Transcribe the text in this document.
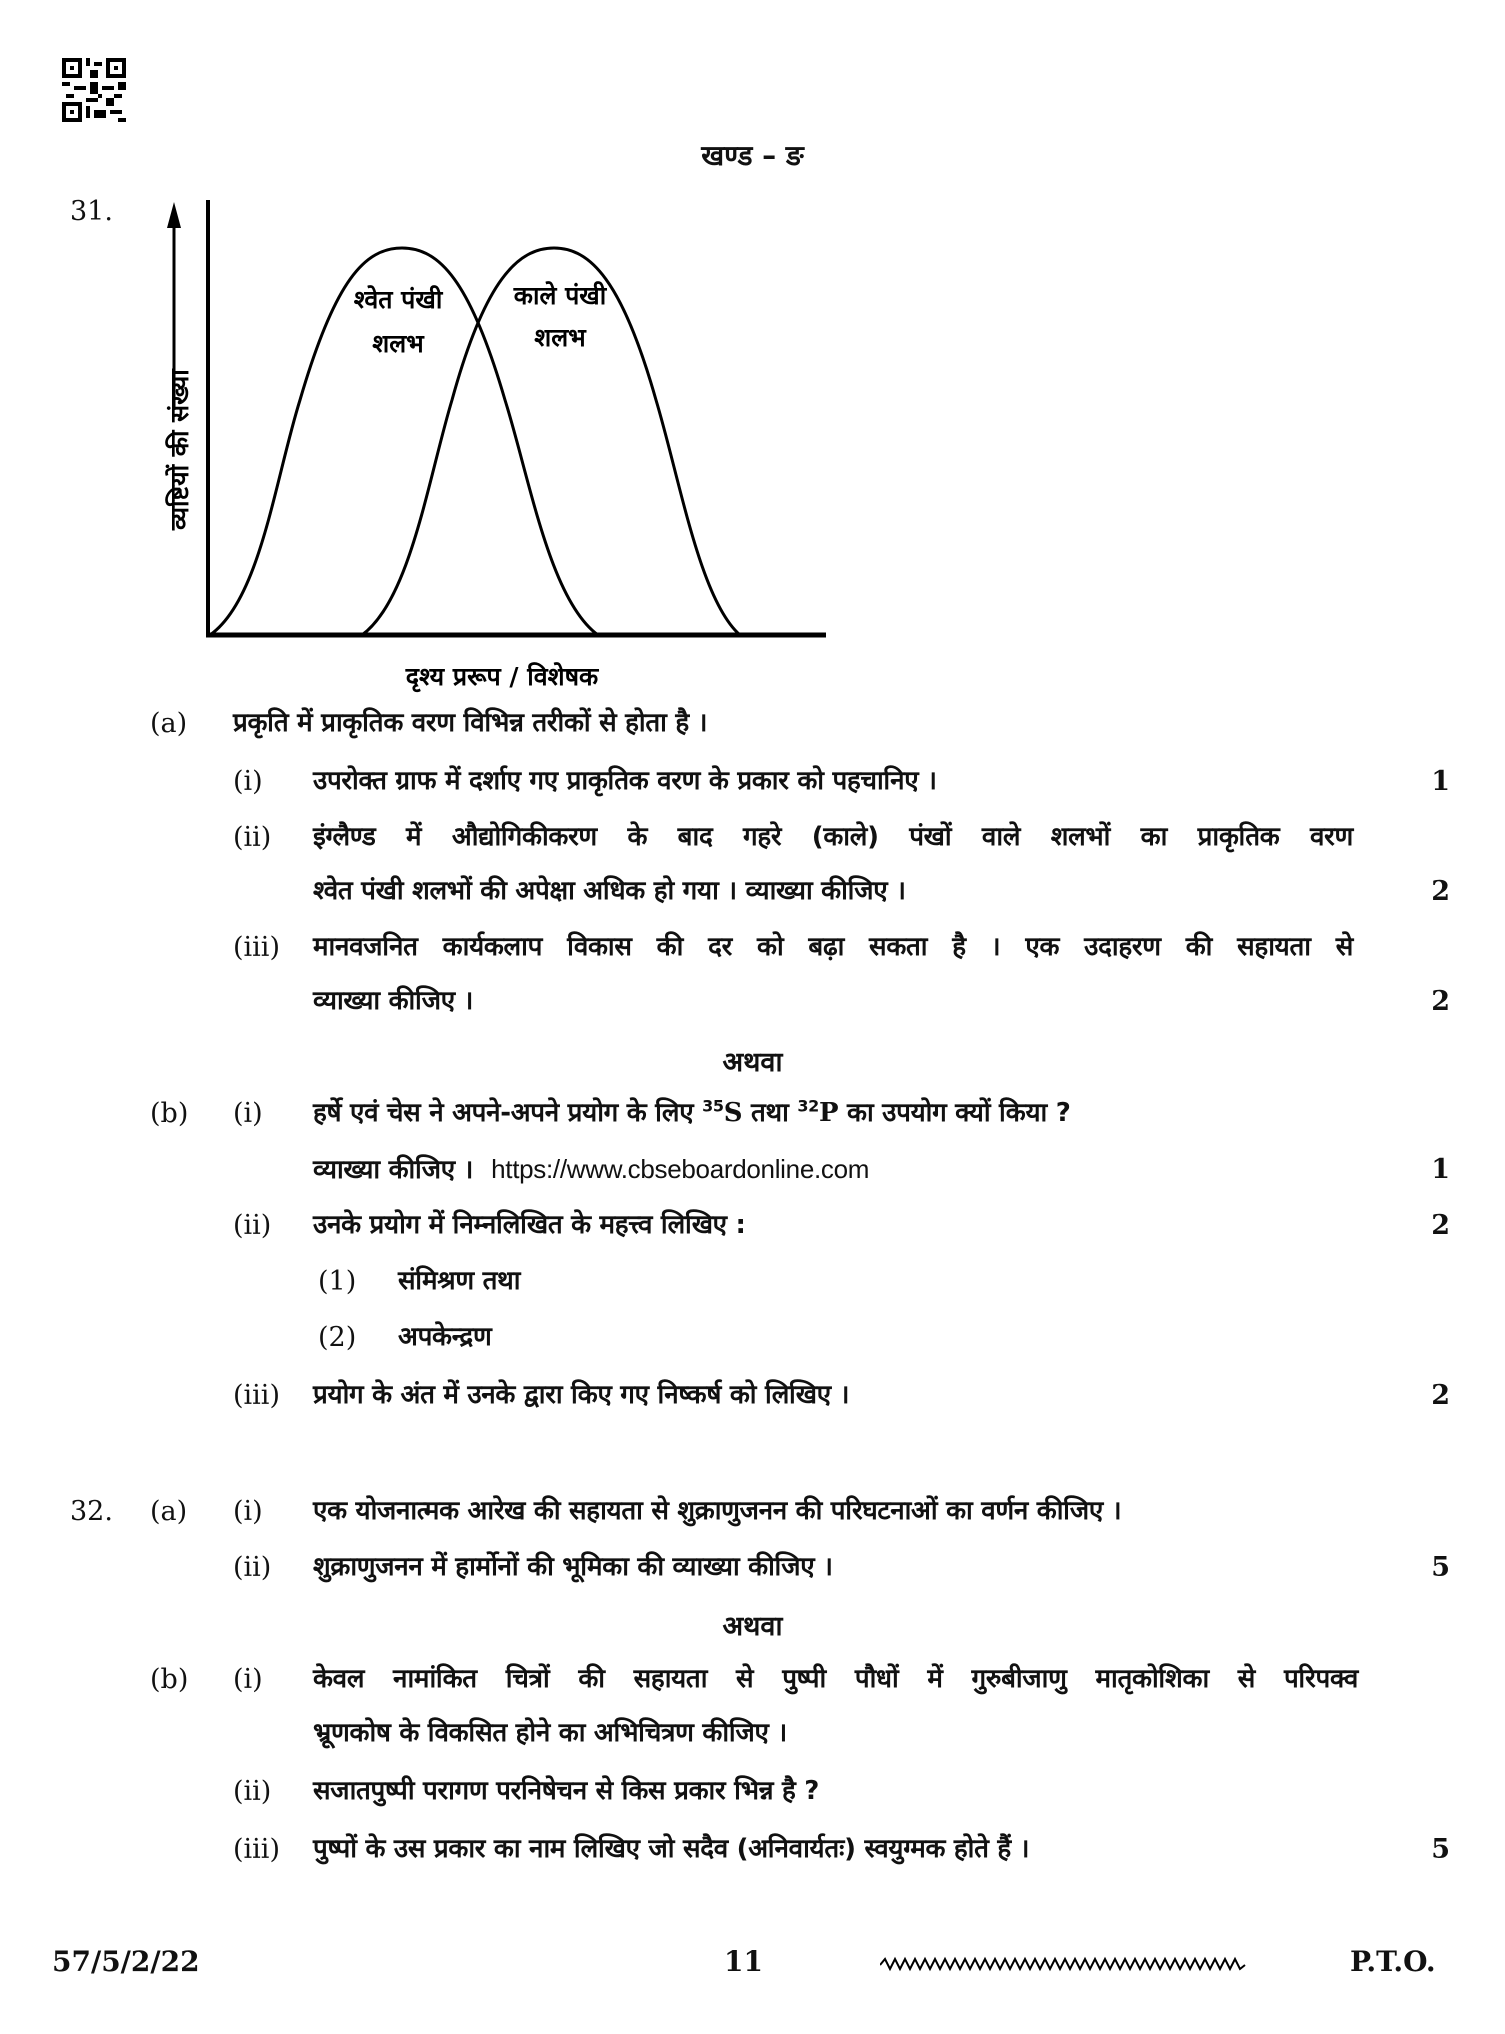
खण्ड – ङ
31.
व्यष्टियों की संख्या
श्वेत पंखी
शलभ
काले पंखी
शलभ
दृश्य प्ररूप / विशेषक
(a) प्रकृति में प्राकृतिक वरण विभिन्न तरीकों से होता है ।
(i) उपरोक्त ग्राफ में दर्शाए गए प्राकृतिक वरण के प्रकार को पहचानिए ।	1
(ii) इंग्लैण्ड में औद्योगिकीकरण के बाद गहरे (काले) पंखों वाले शलभों का प्राकृतिक वरण
श्वेत पंखी शलभों की अपेक्षा अधिक हो गया । व्याख्या कीजिए ।	2
(iii) मानवजनित कार्यकलाप विकास की दर को बढ़ा सकता है । एक उदाहरण की सहायता से
व्याख्या कीजिए ।	2
अथवा
(b) (i) हर्षे एवं चेस ने अपने-अपने प्रयोग के लिए $^{35}$S तथा $^{32}$P का उपयोग क्यों किया ?
व्याख्या कीजिए । https://www.cbseboardonline.com	1
(ii) उनके प्रयोग में निम्नलिखित के महत्त्व लिखिए :	2
(1) संमिश्रण तथा
(2) अपकेन्द्रण
(iii) प्रयोग के अंत में उनके द्वारा किए गए निष्कर्ष को लिखिए ।	2
32. (a) (i) एक योजनात्मक आरेख की सहायता से शुक्राणुजनन की परिघटनाओं का वर्णन कीजिए ।
(ii) शुक्राणुजनन में हार्मोनों की भूमिका की व्याख्या कीजिए ।	5
अथवा
(b) (i) केवल नामांकित चित्रों की सहायता से पुष्पी पौधों में गुरुबीजाणु मातृकोशिका से परिपक्व
भ्रूणकोष के विकसित होने का अभिचित्रण कीजिए ।
(ii) सजातपुष्पी परागण परनिषेचन से किस प्रकार भिन्न है ?
(iii) पुष्पों के उस प्रकार का नाम लिखिए जो सदैव (अनिवार्यतः) स्वयुग्मक होते हैं ।	5
57/5/2/22	11	P.T.O.
